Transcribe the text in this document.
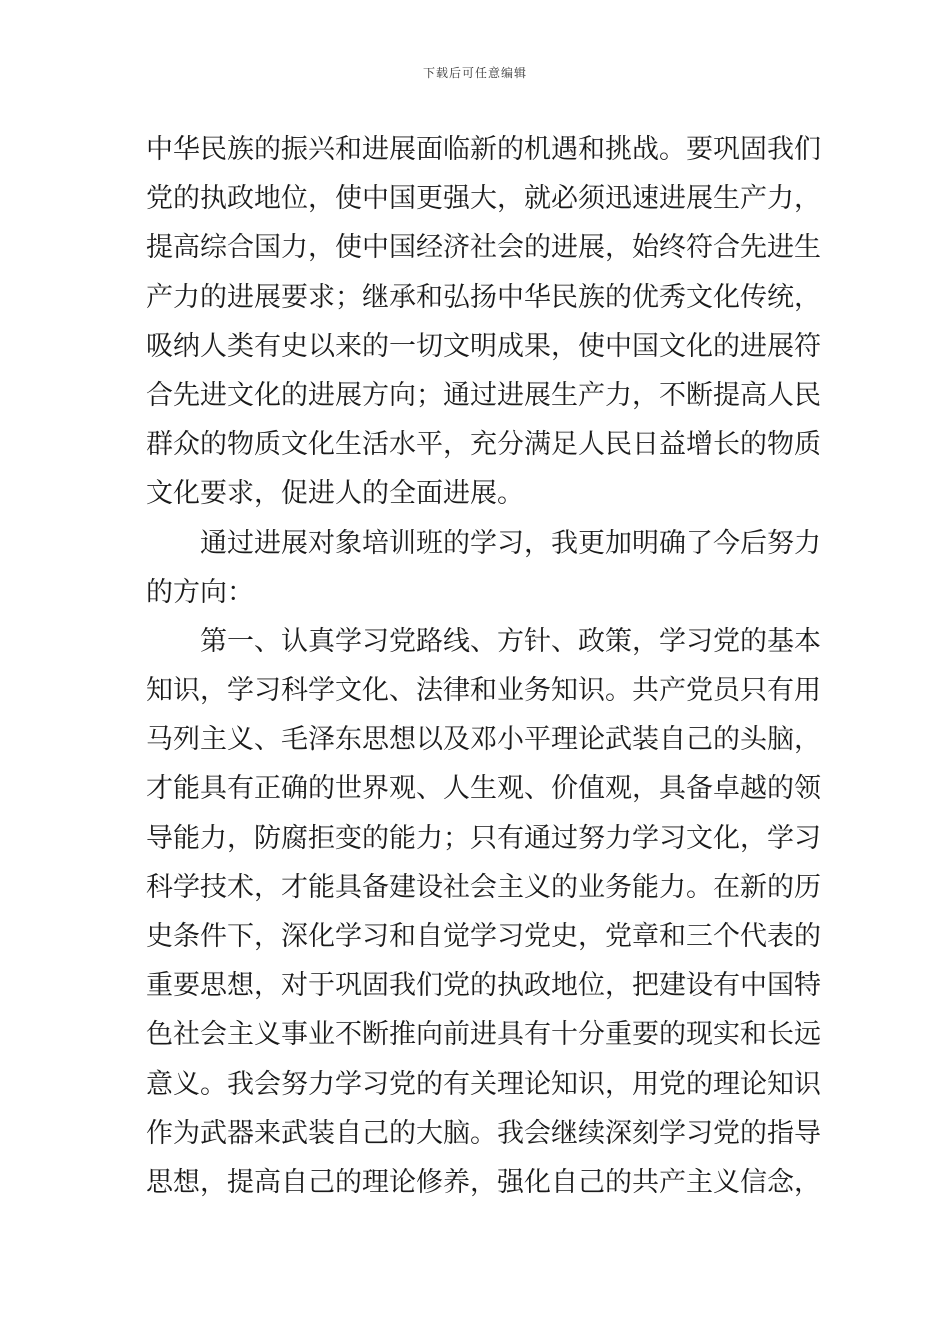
下载后可任意编辑
中华民族的振兴和进展面临新的机遇和挑战。要巩固我们
党的执政地位，使中国更强大，就必须迅速进展生产力，
提高综合国力，使中国经济社会的进展，始终符合先进生
产力的进展要求；继承和弘扬中华民族的优秀文化传统，
吸纳人类有史以来的一切文明成果，使中国文化的进展符
合先进文化的进展方向；通过进展生产力，不断提高人民
群众的物质文化生活水平，充分满足人民日益增长的物质
文化要求，促进人的全面进展。
通过进展对象培训班的学习，我更加明确了今后努力
的方向：
第一、认真学习党路线、方针、政策，学习党的基本
知识，学习科学文化、法律和业务知识。共产党员只有用
马列主义、毛泽东思想以及邓小平理论武装自己的头脑，
才能具有正确的世界观、人生观、价值观，具备卓越的领
导能力，防腐拒变的能力；只有通过努力学习文化，学习
科学技术，才能具备建设社会主义的业务能力。在新的历
史条件下，深化学习和自觉学习党史，党章和三个代表的
重要思想，对于巩固我们党的执政地位，把建设有中国特
色社会主义事业不断推向前进具有十分重要的现实和长远
意义。我会努力学习党的有关理论知识，用党的理论知识
作为武器来武装自己的大脑。我会继续深刻学习党的指导
思想，提高自己的理论修养，强化自己的共产主义信念，
